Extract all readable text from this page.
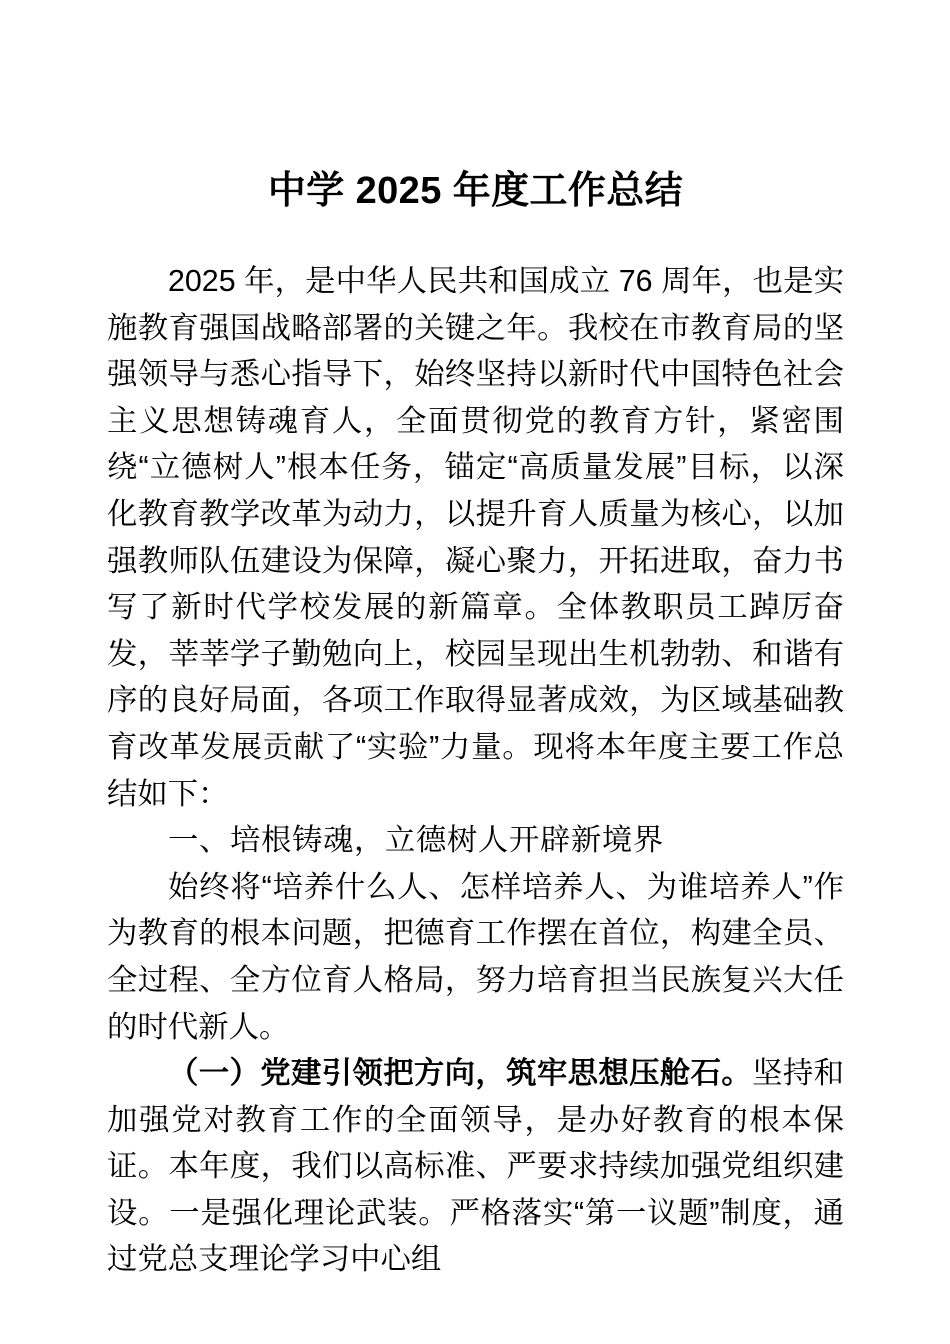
中学 2025 年度工作总结

2025 年，是中华人民共和国成立 76 周年，也是实施教育强国战略部署的关键之年。我校在市教育局的坚强领导与悉心指导下，始终坚持以新时代中国特色社会主义思想铸魂育人，全面贯彻党的教育方针，紧密围绕“立德树人”根本任务，锚定“高质量发展”目标，以深化教育教学改革为动力，以提升育人质量为核心，以加强教师队伍建设为保障，凝心聚力，开拓进取，奋力书写了新时代学校发展的新篇章。全体教职员工踔厉奋发，莘莘学子勤勉向上，校园呈现出生机勃勃、和谐有序的良好局面，各项工作取得显著成效，为区域基础教育改革发展贡献了“实验”力量。现将本年度主要工作总结如下：

一、培根铸魂，立德树人开辟新境界

始终将“培养什么人、怎样培养人、为谁培养人”作为教育的根本问题，把德育工作摆在首位，构建全员、全过程、全方位育人格局，努力培育担当民族复兴大任的时代新人。

（一）党建引领把方向，筑牢思想压舱石。坚持和加强党对教育工作的全面领导，是办好教育的根本保证。本年度，我们以高标准、严要求持续加强党组织建设。一是强化理论武装。严格落实“第一议题”制度，通过党总支理论学习中心组
